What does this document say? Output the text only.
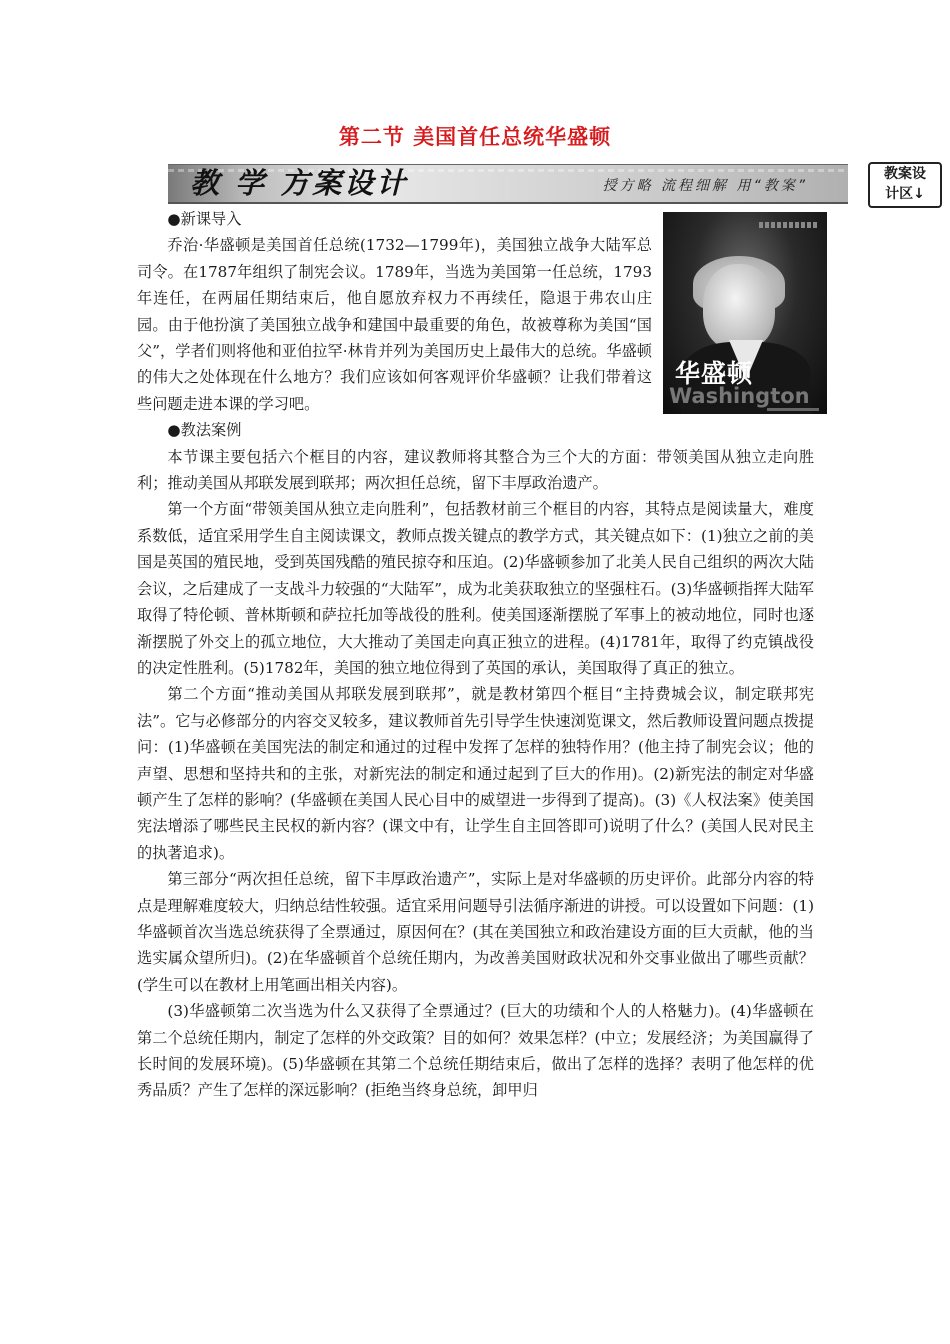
第二节 美国首任总统华盛顿
教 学 方案设计	授方略 流程细解 用“教案”
教案设
计区↓
华盛顿
Washington

●新课导入

乔治·华盛顿是美国首任总统(1732—1799年)，美国独立战争大陆军总司令。在1787年组织了制宪会议。1789年，当选为美国第一任总统，1793年连任，在两届任期结束后，他自愿放弃权力不再续任，隐退于弗农山庄园。由于他扮演了美国独立战争和建国中最重要的角色，故被尊称为美国“国父”，学者们则将他和亚伯拉罕·林肯并列为美国历史上最伟大的总统。华盛顿的伟大之处体现在什么地方？我们应该如何客观评价华盛顿？让我们带着这些问题走进本课的学习吧。

●教法案例

本节课主要包括六个框目的内容，建议教师将其整合为三个大的方面：带领美国从独立走向胜利；推动美国从邦联发展到联邦；两次担任总统，留下丰厚政治遗产。

第一个方面“带领美国从独立走向胜利”，包括教材前三个框目的内容，其特点是阅读量大，难度系数低，适宜采用学生自主阅读课文，教师点拨关键点的教学方式，其关键点如下：(1)独立之前的美国是英国的殖民地，受到英国残酷的殖民掠夺和压迫。(2)华盛顿参加了北美人民自己组织的两次大陆会议，之后建成了一支战斗力较强的“大陆军”，成为北美获取独立的坚强柱石。(3)华盛顿指挥大陆军取得了特伦顿、普林斯顿和萨拉托加等战役的胜利。使美国逐渐摆脱了军事上的被动地位，同时也逐渐摆脱了外交上的孤立地位，大大推动了美国走向真正独立的进程。(4)1781年，取得了约克镇战役的决定性胜利。(5)1782年，美国的独立地位得到了英国的承认，美国取得了真正的独立。

第二个方面“推动美国从邦联发展到联邦”，就是教材第四个框目“主持费城会议，制定联邦宪法”。它与必修部分的内容交叉较多，建议教师首先引导学生快速浏览课文，然后教师设置问题点拨提问：(1)华盛顿在美国宪法的制定和通过的过程中发挥了怎样的独特作用？(他主持了制宪会议；他的声望、思想和坚持共和的主张，对新宪法的制定和通过起到了巨大的作用)。(2)新宪法的制定对华盛顿产生了怎样的影响？(华盛顿在美国人民心目中的威望进一步得到了提高)。(3)《人权法案》使美国宪法增添了哪些民主民权的新内容？(课文中有，让学生自主回答即可)说明了什么？(美国人民对民主的执著追求)。

第三部分“两次担任总统，留下丰厚政治遗产”，实际上是对华盛顿的历史评价。此部分内容的特点是理解难度较大，归纳总结性较强。适宜采用问题导引法循序渐进的讲授。可以设置如下问题：(1)华盛顿首次当选总统获得了全票通过，原因何在？(其在美国独立和政治建设方面的巨大贡献，他的当选实属众望所归)。(2)在华盛顿首个总统任期内，为改善美国财政状况和外交事业做出了哪些贡献？(学生可以在教材上用笔画出相关内容)。

(3)华盛顿第二次当选为什么又获得了全票通过？(巨大的功绩和个人的人格魅力)。(4)华盛顿在第二个总统任期内，制定了怎样的外交政策？目的如何？效果怎样？(中立；发展经济；为美国赢得了长时间的发展环境)。(5)华盛顿在其第二个总统任期结束后，做出了怎样的选择？表明了他怎样的优秀品质？产生了怎样的深远影响？(拒绝当终身总统，卸甲归
